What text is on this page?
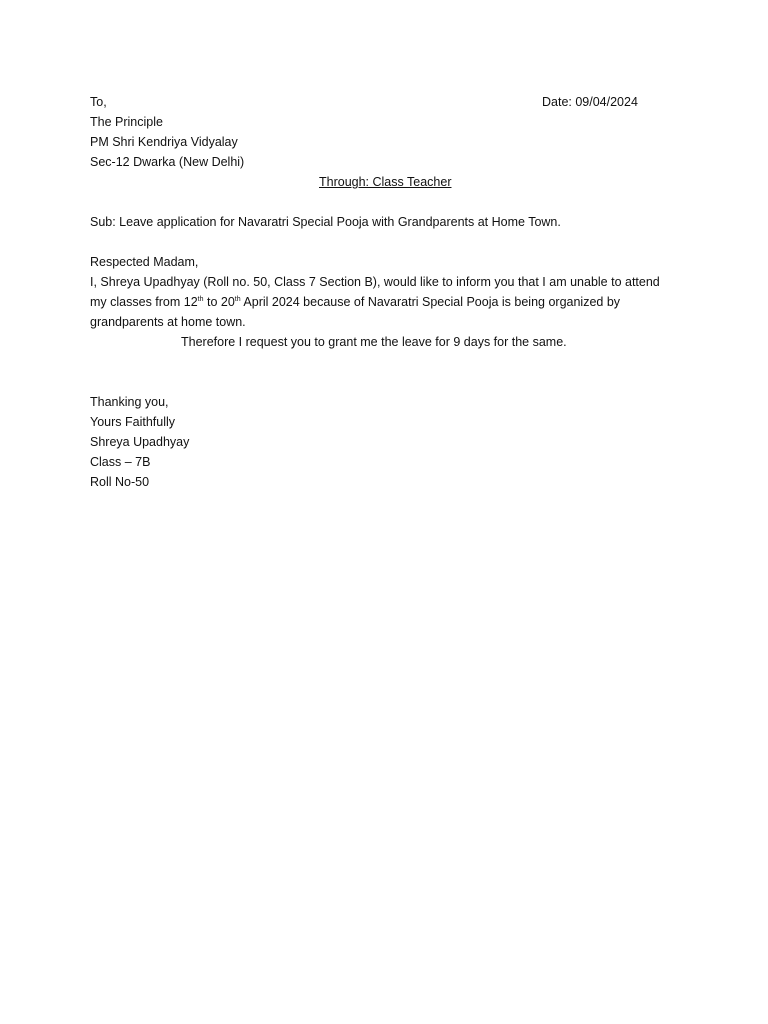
To,	Date: 09/04/2024
The Principle
PM Shri Kendriya Vidyalay
Sec-12 Dwarka (New Delhi)
Through: Class Teacher
Sub: Leave application for Navaratri Special Pooja with Grandparents at Home Town.
Respected Madam,
I, Shreya Upadhyay (Roll no. 50, Class 7 Section B), would like to inform you that I am unable to attend
my classes from 12th to 20th April 2024 because of Navaratri Special Pooja is being organized by
grandparents at home town.
Therefore I request you to grant me the leave for 9 days for the same.
Thanking you,
Yours Faithfully
Shreya Upadhyay
Class – 7B
Roll No-50
